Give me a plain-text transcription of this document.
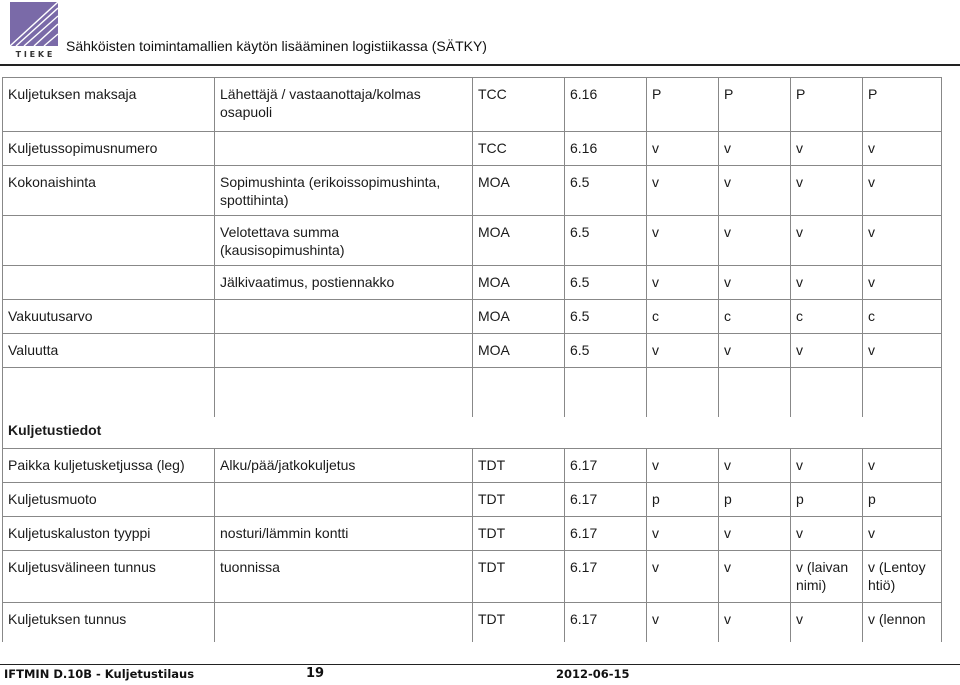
T I E K E
Sähköisten toimintamallien käytön lisääminen logistiikassa (SÄTKY)
Kuljetuksen maksaja	Lähettäjä / vastaanottaja/kolmas osapuoli	TCC	6.16	P	P	P	P
Kuljetussopimusnumero		TCC	6.16	v	v	v	v
Kokonaishinta	Sopimushinta (erikoissopimushinta, spottihinta)	MOA	6.5	v	v	v	v
	Velotettava summa (kausisopimushinta)	MOA	6.5	v	v	v	v
	Jälkivaatimus, postiennakko	MOA	6.5	v	v	v	v
Vakuutusarvo		MOA	6.5	c	c	c	c
Valuutta		MOA	6.5	v	v	v	v

Kuljetustiedot							
Paikka kuljetusketjussa (leg)	Alku/pää/jatkokuljetus	TDT	6.17	v	v	v	v
Kuljetusmuoto		TDT	6.17	p	p	p	p
Kuljetuskaluston tyyppi	nosturi/lämmin kontti	TDT	6.17	v	v	v	v
Kuljetusvälineen tunnus	tuonnissa	TDT	6.17	v	v	v (laivan nimi)	v (Lentoy htiö)
Kuljetuksen tunnus		TDT	6.17	v	v	v	v (lennon
IFTMIN D.10B - Kuljetustilaus	19	2012-06-15
